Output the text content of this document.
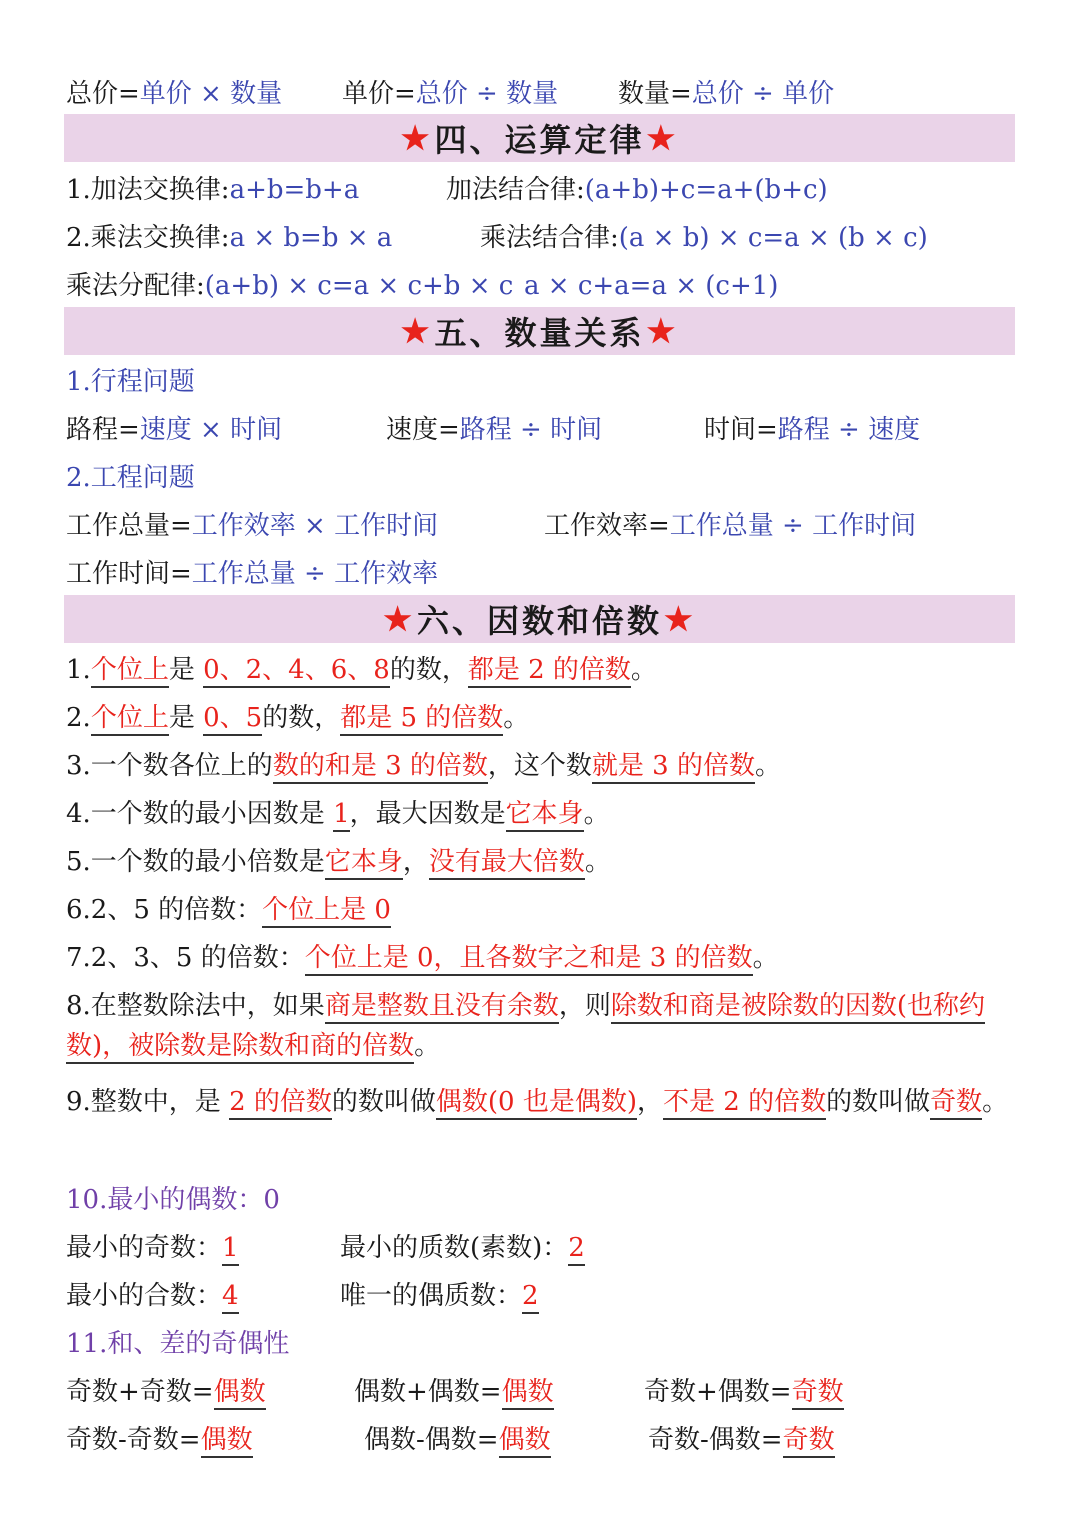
总价=单价 × 数量 单价=总价 ÷ 数量 数量=总价 ÷ 单价
★ 四、运算定律 ★
1.加法交换律:a+b=b+a	加法结合律:(a+b)+c=a+(b+c)
2.乘法交换律:a × b=b × a	乘法结合律:(a × b) × c=a × (b × c)
乘法分配律:(a+b) × c=a × c+b × c a × c+a=a × (c+1)
★ 五、数量关系 ★
1.行程问题
路程=速度 × 时间	速度=路程 ÷ 时间	时间=路程 ÷ 速度
2.工程问题
工作总量=工作效率 × 工作时间	工作效率=工作总量 ÷ 工作时间
工作时间=工作总量 ÷ 工作效率
★ 六、因数和倍数 ★
1.个位上是 0、2、4、6、8的数，都是 2 的倍数。
2.个位上是 0、5的数，都是 5 的倍数。
3.一个数各位上的数的和是 3 的倍数，这个数就是 3 的倍数。
4.一个数的最小因数是 1，最大因数是它本身。
5.一个数的最小倍数是它本身，没有最大倍数。
6.2、5 的倍数：个位上是 0
7.2、3、5 的倍数：个位上是 0，且各数字之和是 3 的倍数。
8.在整数除法中，如果商是整数且没有余数，则除数和商是被除数的因数(也称约数)，被除数是除数和商的倍数。
9.整数中，是 2 的倍数的数叫做偶数(0 也是偶数)，不是 2 的倍数的数叫做奇数。
10.最小的偶数：0
最小的奇数：1	最小的质数(素数)：2
最小的合数：4	唯一的偶质数：2
11.和、差的奇偶性
奇数+奇数=偶数	偶数+偶数=偶数	奇数+偶数=奇数
奇数-奇数=偶数	偶数-偶数=偶数	奇数-偶数=奇数
